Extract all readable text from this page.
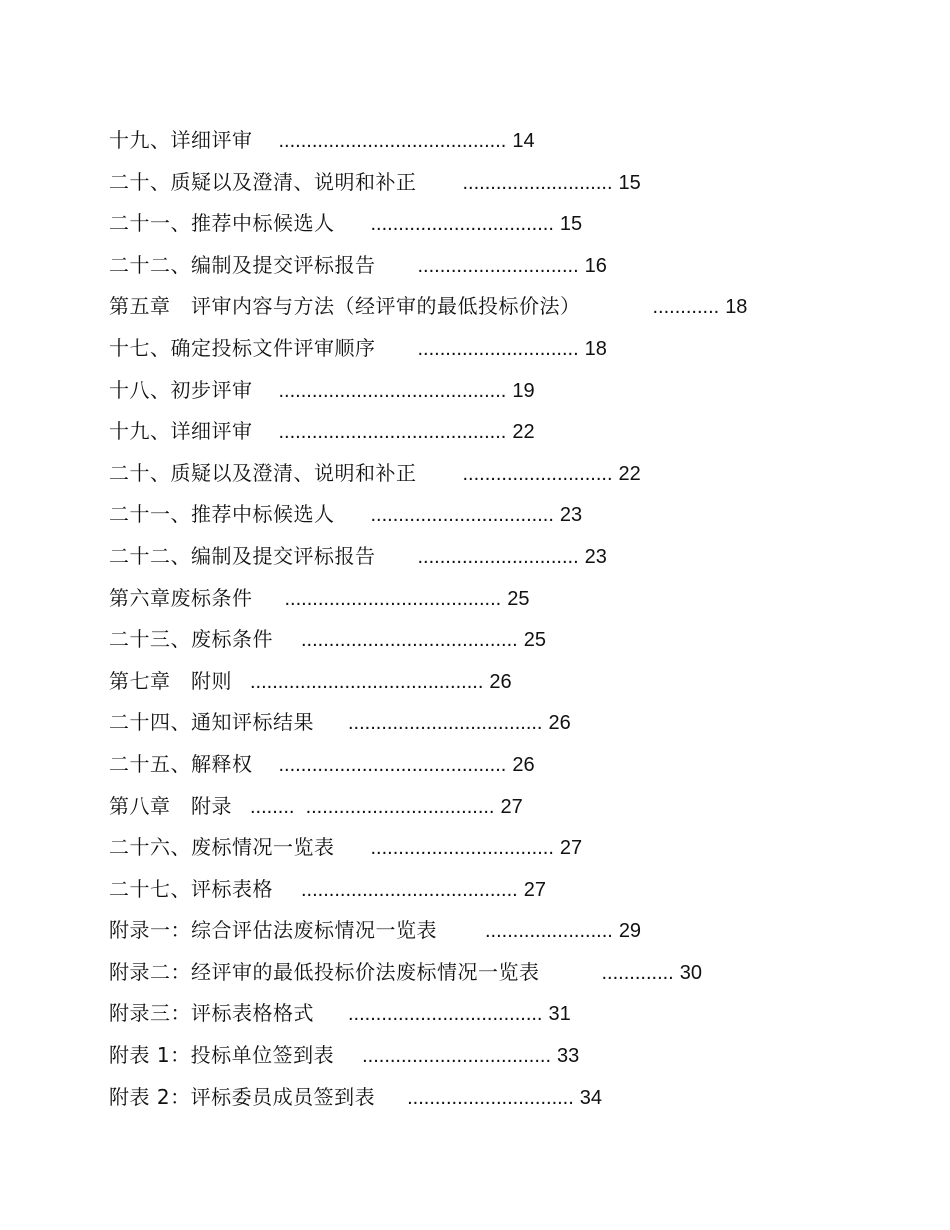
十九、详细评审 ......................................... 14
二十、质疑以及澄清、说明和补正 ........................... 15
二十一、推荐中标候选人 ................................. 15
二十二、编制及提交评标报告 ............................. 16
第五章　评审内容与方法（经评审的最低投标价法）	............ 18
十七、确定投标文件评审顺序 ............................. 18
十八、初步评审 ......................................... 19
十九、详细评审 ......................................... 22
二十、质疑以及澄清、说明和补正 ........................... 22
二十一、推荐中标候选人 ................................. 23
二十二、编制及提交评标报告 ............................. 23
第六章废标条件 ....................................... 25
二十三、废标条件 ....................................... 25
第七章　附则 .......................................... 26
二十四、通知评标结果 ................................... 26
二十五、解释权 ......................................... 26
第八章　附录 ........  .................................. 27
二十六、废标情况一览表 ................................. 27
二十七、评标表格 ....................................... 27
附录一：综合评估法废标情况一览表 ....................... 29
附录二：经评审的最低投标价法废标情况一览表	............. 30
附录三：评标表格格式 ................................... 31
附表 1：投标单位签到表 .................................. 33
附表 2：评标委员成员签到表 .............................. 34
